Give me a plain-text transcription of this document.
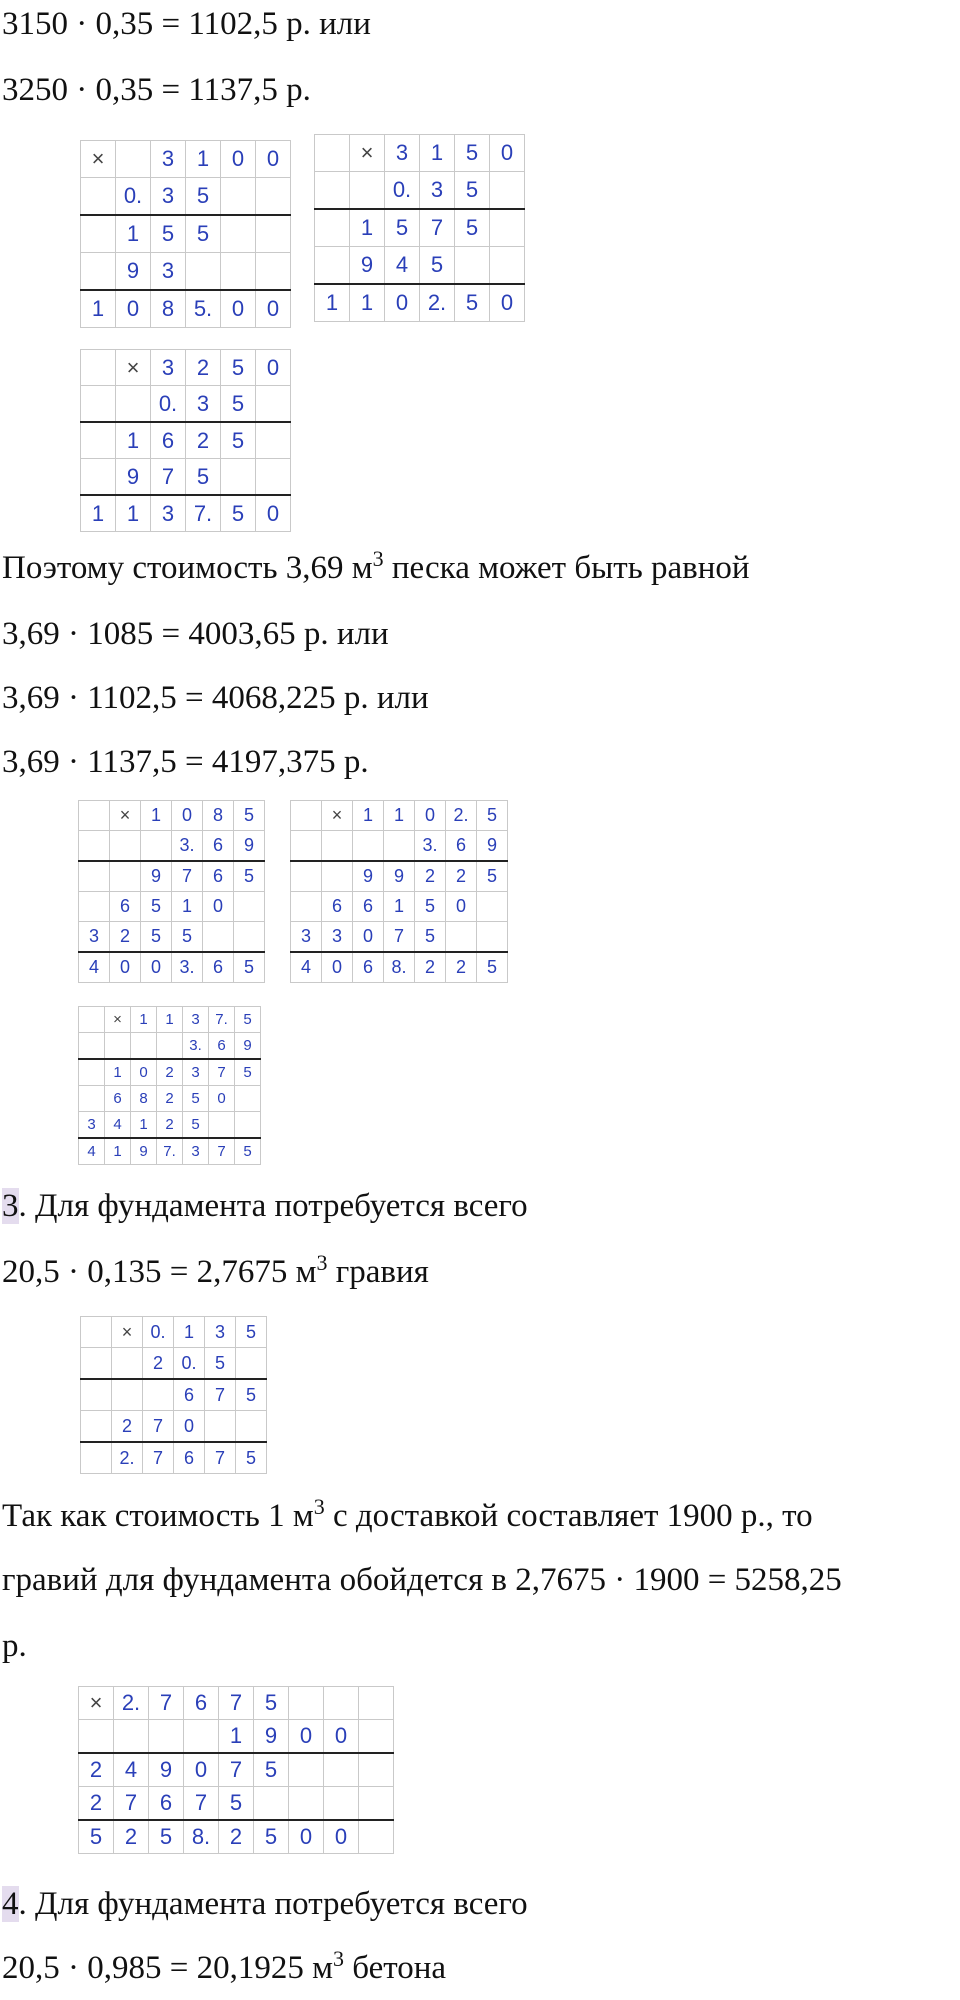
3150 · 0,35 = 1102,5 р. или
3250 · 0,35 = 1137,5 р.
×		3	1	0	0
	0.	3	5		
	1	5	5		
	9	3			
1	0	8	5.	0	0
	×	3	1	5	0
		0.	3	5	
	1	5	7	5	
	9	4	5		
1	1	0	2.	5	0
	×	3	2	5	0
		0.	3	5	
	1	6	2	5	
	9	7	5		
1	1	3	7.	5	0
Поэтому стоимость 3,69 $м^3$ песка может быть равной
3,69 · 1085 = 4003,65 р. или
3,69 · 1102,5 = 4068,225 р. или
3,69 · 1137,5 = 4197,375 р.
	×	1	0	8	5
			3.	6	9
		9	7	6	5
	6	5	1	0	
3	2	5	5		
4	0	0	3.	6	5
	×	1	1	0	2.	5
				3.	6	9
		9	9	2	2	5
	6	6	1	5	0	
3	3	0	7	5		
4	0	6	8.	2	2	5
	×	1	1	3	7.	5
				3.	6	9
	1	0	2	3	7	5
	6	8	2	5	0	
3	4	1	2	5		
4	1	9	7.	3	7	5
3. Для фундамента потребуется всего
20,5 · 0,135 = 2,7675 $м^3$ гравия
	×	0.	1	3	5
		2	0.	5	
			6	7	5
	2	7	0		
	2.	7	6	7	5
Так как стоимость 1 $м^3$ с доставкой составляет 1900 р., то
гравий для фундамента обойдется в 2,7675 · 1900 = 5258,25
р.
×	2.	7	6	7	5			
				1	9	0	0	
2	4	9	0	7	5			
2	7	6	7	5				
5	2	5	8.	2	5	0	0	
4. Для фундамента потребуется всего
20,5 · 0,985 = 20,1925 $м^3$ бетона
